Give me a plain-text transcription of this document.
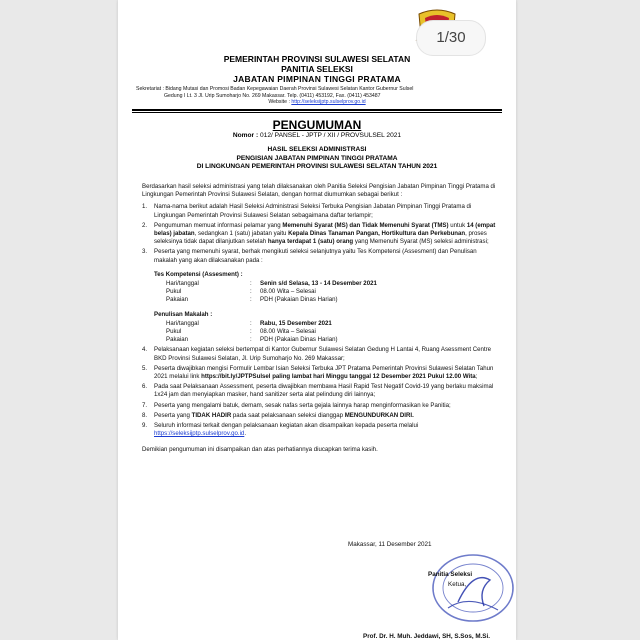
PEMERINTAH PROVINSI SULAWESI SELATAN
PANITIA SELEKSI
JABATAN PIMPINAN TINGGI PRATAMA
Sekretariat : Bidang Mutasi dan Promosi Badan Kepegawaian Daerah Provinsi Sulawesi Selatan Kantor Gubernur Sulsel
Gedung I Lt. 3 Jl. Urip Sumoharjo No. 269 Makassar. Telp. (0411) 453192, Fax. (0411) 453487
Website : http://seleksijptp.sulselprov.go.id
PENGUMUMAN
Nomor : 012/ PANSEL - JPTP / XII / PROVSULSEL 2021
HASIL SELEKSI ADMINISTRASI
PENGISIAN JABATAN PIMPINAN TINGGI PRATAMA
DI LINGKUNGAN PEMERINTAH PROVINSI SULAWESI SELATAN TAHUN 2021

Berdasarkan hasil seleksi administrasi yang telah dilaksanakan oleh Panitia Seleksi Pengisian Jabatan Pimpinan Tinggi Pratama di Lingkungan Pemerintah Provinsi Sulawesi Selatan, dengan hormat diumumkan sebagai berikut :

1. Nama-nama berikut adalah Hasil Seleksi Administrasi Seleksi Terbuka Pengisian Jabatan Pimpinan Tinggi Pratama di Lingkungan Pemerintah Provinsi Sulawesi Selatan sebagaimana daftar terlampir;
2. Pengumuman memuat informasi pelamar yang Memenuhi Syarat (MS) dan Tidak Memenuhi Syarat (TMS) untuk 14 (empat belas) jabatan, sedangkan 1 (satu) jabatan yaitu Kepala Dinas Tanaman Pangan, Hortikultura dan Perkebunan, proses seleksinya tidak dapat dilanjutkan setelah hanya terdapat 1 (satu) orang yang Memenuhi Syarat (MS) seleksi administrasi;
3. Peserta yang memenuhi syarat, berhak mengikuti seleksi selanjutnya yaitu Tes Kompetensi (Assesment) dan Penulisan makalah yang akan dilaksanakan pada :
Tes Kompetensi (Assesment) :
Hari/tanggal	:	Senin s/d Selasa, 13 - 14 Desember 2021
Pukul	:	08.00 Wita – Selesai
Pakaian	:	PDH (Pakaian Dinas Harian)
Penulisan Makalah :
Hari/tanggal	:	Rabu, 15 Desember 2021
Pukul	:	08.00 Wita – Selesai
Pakaian	:	PDH (Pakaian Dinas Harian)
4. Pelaksanaan kegiatan seleksi bertempat di Kantor Gubernur Sulawesi Selatan Gedung H Lantai 4, Ruang Asessment Centre BKD Provinsi Sulawesi Selatan, Jl. Urip Sumoharjo No. 269 Makassar;
5. Peserta diwajibkan mengisi Formulir Lembar Isian Seleksi Terbuka JPT Pratama Pemerintah Provinsi Sulawesi Selatan Tahun 2021 melalui link https://bit.ly/JPTPSulsel paling lambat hari Minggu tanggal 12 Desember 2021 Pukul 12.00 Wita;
6. Pada saat Pelaksanaan Assessment, peserta diwajibkan membawa Hasil Rapid Test Negatif Covid-19 yang berlaku maksimal 1x24 jam dan menyiapkan masker, hand sanitizer serta alat pelindung diri lainnya;
7. Peserta yang mengalami batuk, demam, sesak nafas serta gejala lainnya harap menginformasikan ke Panitia;
8. Peserta yang TIDAK HADIR pada saat pelaksanaan seleksi dianggap MENGUNDURKAN DIRI.
9. Seluruh informasi terkait dengan pelaksanaan kegiatan akan disampaikan kepada peserta melalui https://seleksijptp.sulselprov.go.id.

Demikian pengumuman ini disampaikan dan atas perhatiannya diucapkan terima kasih.

Makassar, 11 Desember 2021
Panitia Seleksi
Ketua,
Prof. Dr. H. Muh. Jeddawi, SH, S.Sos, M.Si.
1/30
